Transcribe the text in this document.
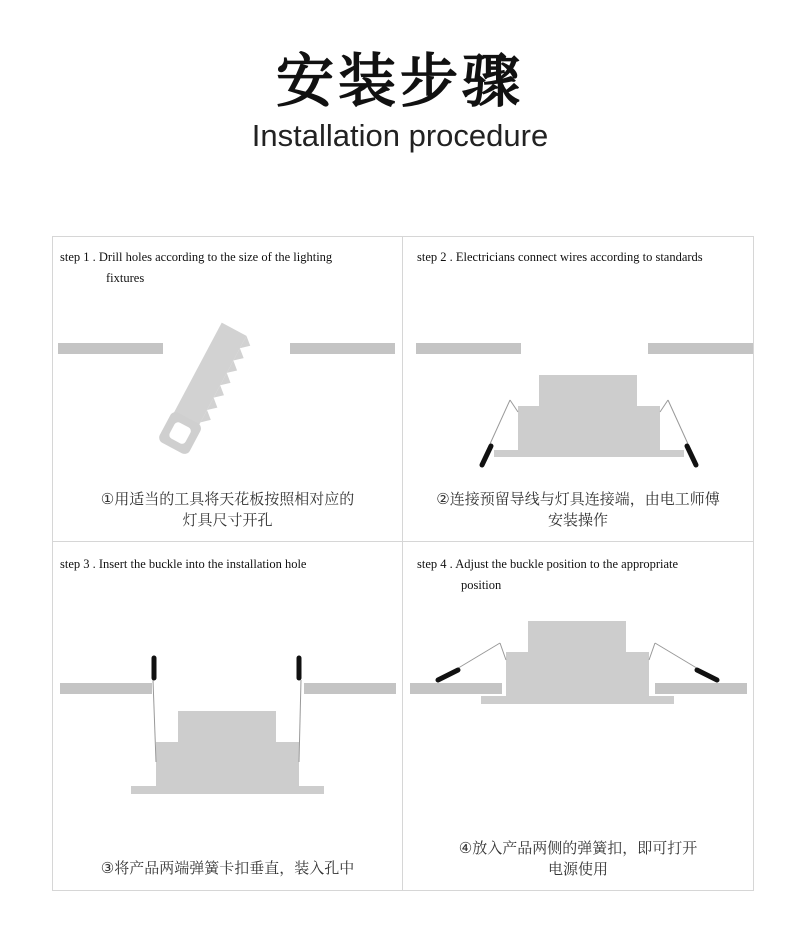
安装步骤
Installation procedure
step 1 . Drill holes according to the size of the lighting
fixtures
step 2 . Electricians connect wires according to standards
step 3 . Insert the buckle into the installation hole	step 4 . Adjust the buckle position to the appropriate
position
①用适当的工具将天花板按照相对应的
灯具尺寸开孔
②连接预留导线与灯具连接端，由电工师傅
安装操作
③将产品两端弹簧卡扣垂直，装入孔中
④放入产品两侧的弹簧扣，即可打开
电源使用
